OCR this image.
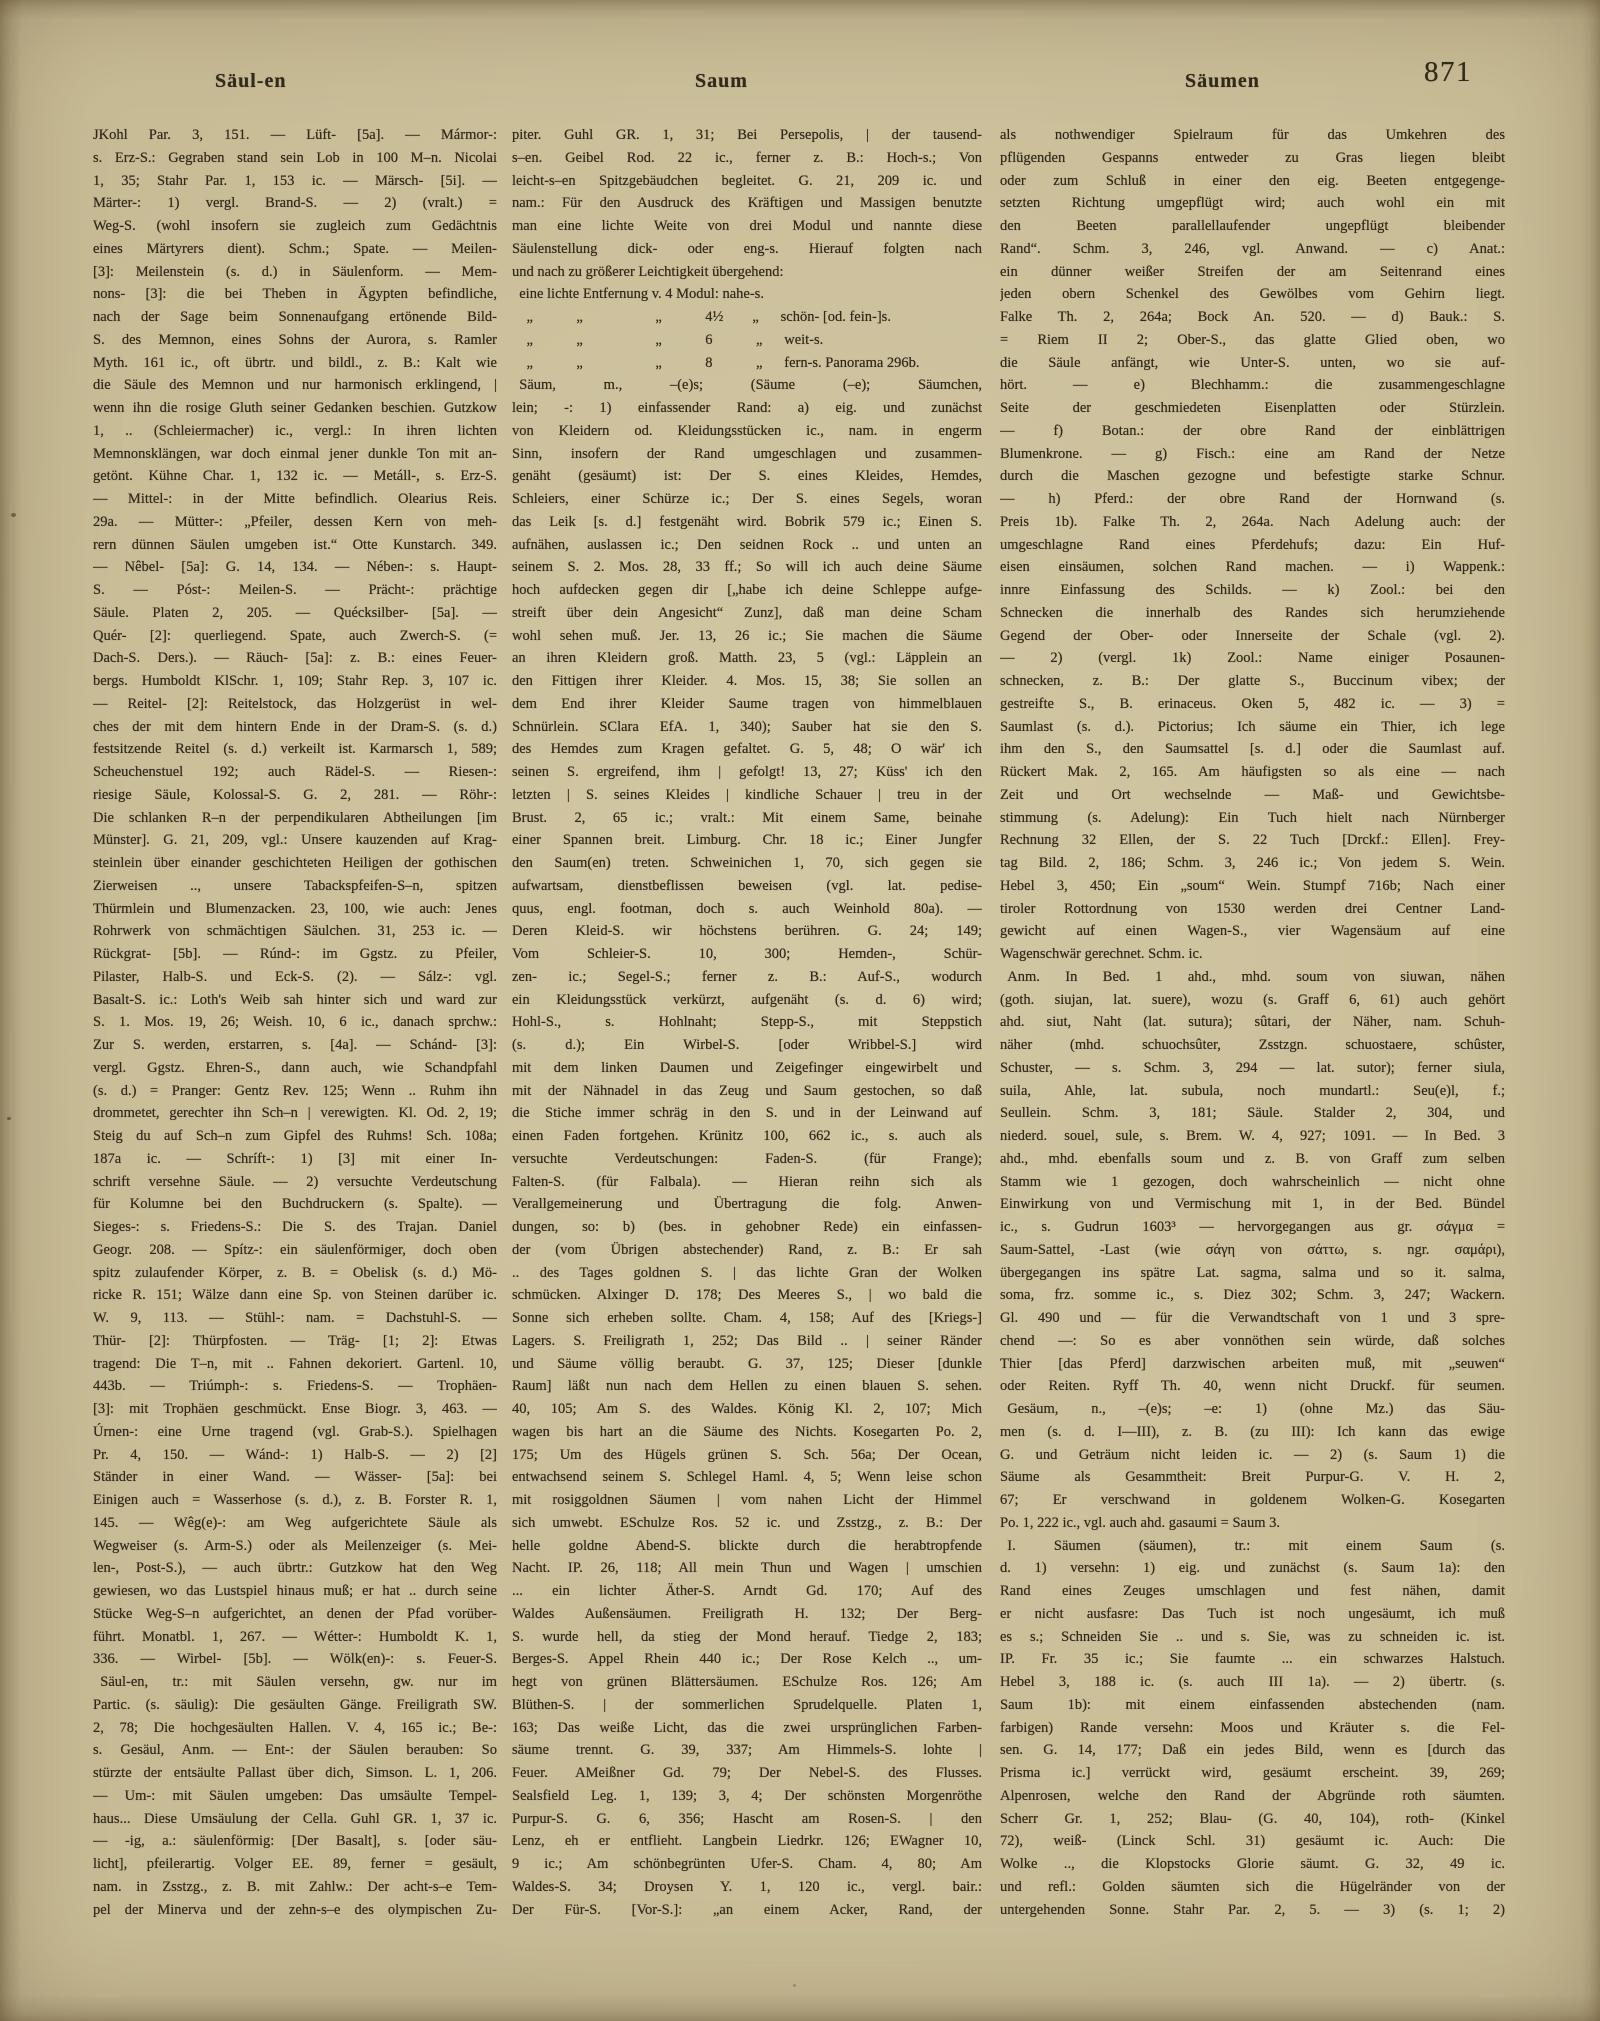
Säul-en	Saum	Säumen	871
JKohl Par. 3, 151. — Lüft- [5a]. — Mármor-:
s. Erz-S.: Gegraben stand sein Lob in 100 M–n. Nicolai
1, 35; Stahr Par. 1, 153 ic. — Märsch- [5i]. —
Märter-: 1) vergl. Brand-S. — 2) (vralt.) =
Weg-S. (wohl insofern sie zugleich zum Gedächtnis
eines Märtyrers dient). Schm.; Spate. — Meilen-
[3]: Meilenstein (s. d.) in Säulenform. — Mem-
nons- [3]: die bei Theben in Ägypten befindliche,
nach der Sage beim Sonnenaufgang ertönende Bild-
S. des Memnon, eines Sohns der Aurora, s. Ramler
Myth. 161 ic., oft übrtr. und bildl., z. B.: Kalt wie
die Säule des Memnon und nur harmonisch erklingend, |
wenn ihn die rosige Gluth seiner Gedanken beschien. Gutzkow
1, .. (Schleiermacher) ic., vergl.: In ihren lichten
Memnonsklängen, war doch einmal jener dunkle Ton mit an-
getönt. Kühne Char. 1, 132 ic. — Metáll-, s. Erz-S.
— Mittel-: in der Mitte befindlich. Olearius Reis.
29a. — Mütter-: „Pfeiler, dessen Kern von meh-
rern dünnen Säulen umgeben ist.“ Otte Kunstarch. 349.
— Nêbel- [5a]: G. 14, 134. — Nében-: s. Haupt-
S. — Póst-: Meilen-S. — Prächt-: prächtige
Säule. Platen 2, 205. — Quécksilber- [5a]. —
Quér- [2]: querliegend. Spate, auch Zwerch-S. (=
Dach-S. Ders.). — Räuch- [5a]: z. B.: eines Feuer-
bergs. Humboldt KlSchr. 1, 109; Stahr Rep. 3, 107 ic.
— Reitel- [2]: Reitelstock, das Holzgerüst in wel-
ches der mit dem hintern Ende in der Dram-S. (s. d.)
festsitzende Reitel (s. d.) verkeilt ist. Karmarsch 1, 589;
Scheuchenstuel 192; auch Rädel-S. — Riesen-:
riesige Säule, Kolossal-S. G. 2, 281. — Röhr-:
Die schlanken R–n der perpendikularen Abtheilungen [im
Münster]. G. 21, 209, vgl.: Unsere kauzenden auf Krag-
steinlein über einander geschichteten Heiligen der gothischen
Zierweisen .., unsere Tabackspfeifen-S–n, spitzen
Thürmlein und Blumenzacken. 23, 100, wie auch: Jenes
Rohrwerk von schmächtigen Säulchen. 31, 253 ic. —
Rückgrat- [5b]. — Rúnd-: im Ggstz. zu Pfeiler,
Pilaster, Halb-S. und Eck-S. (2). — Sálz-: vgl.
Basalt-S. ic.: Loth's Weib sah hinter sich und ward zur
S. 1. Mos. 19, 26; Weish. 10, 6 ic., danach sprchw.:
Zur S. werden, erstarren, s. [4a]. — Schánd- [3]:
vergl. Ggstz. Ehren-S., dann auch, wie Schandpfahl
(s. d.) = Pranger: Gentz Rev. 125; Wenn .. Ruhm ihn
drommetet, gerechter ihn Sch–n | verewigten. Kl. Od. 2, 19;
Steig du auf Sch–n zum Gipfel des Ruhms! Sch. 108a;
187a ic. — Schríft-: 1) [3] mit einer In-
schrift versehne Säule. — 2) versuchte Verdeutschung
für Kolumne bei den Buchdruckern (s. Spalte). —
Sieges-: s. Friedens-S.: Die S. des Trajan. Daniel
Geogr. 208. — Spítz-: ein säulenförmiger, doch oben
spitz zulaufender Körper, z. B. = Obelisk (s. d.) Mö-
ricke R. 151; Wälze dann eine Sp. von Steinen darüber ic.
W. 9, 113. — Stühl-: nam. = Dachstuhl-S. —
Thür- [2]: Thürpfosten. — Träg- [1; 2]: Etwas
tragend: Die T–n, mit .. Fahnen dekoriert. Gartenl. 10,
443b. — Triúmph-: s. Friedens-S. — Trophäen-
[3]: mit Trophäen geschmückt. Ense Biogr. 3, 463. —
Úrnen-: eine Urne tragend (vgl. Grab-S.). Spielhagen
Pr. 4, 150. — Wánd-: 1) Halb-S. — 2) [2]
Ständer in einer Wand. — Wässer- [5a]: bei
Einigen auch = Wasserhose (s. d.), z. B. Forster R. 1,
145. — Wêg(e)-: am Weg aufgerichtete Säule als
Wegweiser (s. Arm-S.) oder als Meilenzeiger (s. Mei-
len-, Post-S.), — auch übrtr.: Gutzkow hat den Weg
gewiesen, wo das Lustspiel hinaus muß; er hat .. durch seine
Stücke Weg-S–n aufgerichtet, an denen der Pfad vorüber-
führt. Monatbl. 1, 267. — Wétter-: Humboldt K. 1,
336. — Wirbel- [5b]. — Wölk(en)-: s. Feuer-S.
 Säul-en, tr.: mit Säulen versehn, gw. nur im
Partic. (s. säulig): Die gesäulten Gänge. Freiligrath SW.
2, 78; Die hochgesäulten Hallen. V. 4, 165 ic.; Be-:
s. Gesäul, Anm. — Ent-: der Säulen berauben: So
stürzte der entsäulte Pallast über dich, Simson. L. 1, 206.
— Um-: mit Säulen umgeben: Das umsäulte Tempel-
haus... Diese Umsäulung der Cella. Guhl GR. 1, 37 ic.
— -ig, a.: säulenförmig: [Der Basalt], s. [oder säu-
licht], pfeilerartig. Volger EE. 89, ferner = gesäult,
nam. in Zsstzg., z. B. mit Zahlw.: Der acht-s–e Tem-
pel der Minerva und der zehn-s–e des olympischen Zu-
piter. Guhl GR. 1, 31; Bei Persepolis, | der tausend-
s–en. Geibel Rod. 22 ic., ferner z. B.: Hoch-s.; Von
leicht-s–en Spitzgebäudchen begleitet. G. 21, 209 ic. und
nam.: Für den Ausdruck des Kräftigen und Massigen benutzte
man eine lichte Weite von drei Modul und nannte diese
Säulenstellung dick- oder eng-s. Hierauf folgten nach
und nach zu größerer Leichtigkeit übergehend:
 eine lichte Entfernung v. 4 Modul: nahe-s.
  „   „     „   4½  „  schön- [od. fein-]s.
  „   „     „   6   „  weit-s.
  „   „     „   8   „  fern-s. Panorama 296b.
 Säum, m., –(e)s; (Säume (–e); Säumchen,
lein; -: 1) einfassender Rand: a) eig. und zunächst
von Kleidern od. Kleidungsstücken ic., nam. in engerm
Sinn, insofern der Rand umgeschlagen und zusammen-
genäht (gesäumt) ist: Der S. eines Kleides, Hemdes,
Schleiers, einer Schürze ic.; Der S. eines Segels, woran
das Leik [s. d.] festgenäht wird. Bobrik 579 ic.; Einen S.
aufnähen, auslassen ic.; Den seidnen Rock .. und unten an
seinem S. 2. Mos. 28, 33 ff.; So will ich auch deine Säume
hoch aufdecken gegen dir [„habe ich deine Schleppe aufge-
streift über dein Angesicht“ Zunz], daß man deine Scham
wohl sehen muß. Jer. 13, 26 ic.; Sie machen die Säume
an ihren Kleidern groß. Matth. 23, 5 (vgl.: Läpplein an
den Fittigen ihrer Kleider. 4. Mos. 15, 38; Sie sollen an
dem End ihrer Kleider Saume tragen von himmelblauen
Schnürlein. SClara EfA. 1, 340); Sauber hat sie den S.
des Hemdes zum Kragen gefaltet. G. 5, 48; O wär' ich
seinen S. ergreifend, ihm | gefolgt! 13, 27; Küss' ich den
letzten | S. seines Kleides | kindliche Schauer | treu in der
Brust. 2, 65 ic.; vralt.: Mit einem Same, beinahe
einer Spannen breit. Limburg. Chr. 18 ic.; Einer Jungfer
den Saum(en) treten. Schweinichen 1, 70, sich gegen sie
aufwartsam, dienstbeflissen beweisen (vgl. lat. pedise-
quus, engl. footman, doch s. auch Weinhold 80a). —
Deren Kleid-S. wir höchstens berühren. G. 24; 149;
Vom Schleier-S. 10, 300; Hemden-, Schür-
zen- ic.; Segel-S.; ferner z. B.: Auf-S., wodurch
ein Kleidungsstück verkürzt, aufgenäht (s. d. 6) wird;
Hohl-S., s. Hohlnaht; Stepp-S., mit Steppstich
(s. d.); Ein Wirbel-S. [oder Wribbel-S.] wird
mit dem linken Daumen und Zeigefinger eingewirbelt und
mit der Nähnadel in das Zeug und Saum gestochen, so daß
die Stiche immer schräg in den S. und in der Leinwand auf
einen Faden fortgehen. Krünitz 100, 662 ic., s. auch als
versuchte Verdeutschungen: Faden-S. (für Frange);
Falten-S. (für Falbala). — Hieran reihn sich als
Verallgemeinerung und Übertragung die folg. Anwen-
dungen, so: b) (bes. in gehobner Rede) ein einfassen-
der (vom Übrigen abstechender) Rand, z. B.: Er sah
.. des Tages goldnen S. | das lichte Gran der Wolken
schmücken. Alxinger D. 178; Des Meeres S., | wo bald die
Sonne sich erheben sollte. Cham. 4, 158; Auf des [Kriegs-]
Lagers. S. Freiligrath 1, 252; Das Bild .. | seiner Ränder
und Säume völlig beraubt. G. 37, 125; Dieser [dunkle
Raum] läßt nun nach dem Hellen zu einen blauen S. sehen.
40, 105; Am S. des Waldes. König Kl. 2, 107; Mich
wagen bis hart an die Säume des Nichts. Kosegarten Po. 2,
175; Um des Hügels grünen S. Sch. 56a; Der Ocean,
entwachsend seinem S. Schlegel Haml. 4, 5; Wenn leise schon
mit rosiggoldnen Säumen | vom nahen Licht der Himmel
sich umwebt. ESchulze Ros. 52 ic. und Zsstzg., z. B.: Der
helle goldne Abend-S. blickte durch die herabtropfende
Nacht. IP. 26, 118; All mein Thun und Wagen | umschien
... ein lichter Äther-S. Arndt Gd. 170; Auf des
Waldes Außensäumen. Freiligrath H. 132; Der Berg-
S. wurde hell, da stieg der Mond herauf. Tiedge 2, 183;
Berges-S. Appel Rhein 440 ic.; Der Rose Kelch .., um-
hegt von grünen Blättersäumen. ESchulze Ros. 126; Am
Blüthen-S. | der sommerlichen Sprudelquelle. Platen 1,
163; Das weiße Licht, das die zwei ursprünglichen Farben-
säume trennt. G. 39, 337; Am Himmels-S. lohte |
Feuer. AMeißner Gd. 79; Der Nebel-S. des Flusses.
Sealsfield Leg. 1, 139; 3, 4; Der schönsten Morgenröthe
Purpur-S. G. 6, 356; Hascht am Rosen-S. | den
Lenz, eh er entflieht. Langbein Liedrkr. 126; EWagner 10,
9 ic.; Am schönbegrünten Ufer-S. Cham. 4, 80; Am
Waldes-S. 34; Droysen Y. 1, 120 ic., vergl. bair.:
Der Für-S. [Vor-S.]: „an einem Acker, Rand, der
als nothwendiger Spielraum für das Umkehren des
pflügenden Gespanns entweder zu Gras liegen bleibt
oder zum Schluß in einer den eig. Beeten entgegenge-
setzten Richtung umgepflügt wird; auch wohl ein mit
den Beeten parallellaufender ungepflügt bleibender
Rand“. Schm. 3, 246, vgl. Anwand. — c) Anat.:
ein dünner weißer Streifen der am Seitenrand eines
jeden obern Schenkel des Gewölbes vom Gehirn liegt.
Falke Th. 2, 264a; Bock An. 520. — d) Bauk.: S.
= Riem II 2; Ober-S., das glatte Glied oben, wo
die Säule anfängt, wie Unter-S. unten, wo sie auf-
hört. — e) Blechhamm.: die zusammengeschlagne
Seite der geschmiedeten Eisenplatten oder Stürzlein.
— f) Botan.: der obre Rand der einblättrigen
Blumenkrone. — g) Fisch.: eine am Rand der Netze
durch die Maschen gezogne und befestigte starke Schnur.
— h) Pferd.: der obre Rand der Hornwand (s.
Preis 1b). Falke Th. 2, 264a. Nach Adelung auch: der
umgeschlagne Rand eines Pferdehufs; dazu: Ein Huf-
eisen einsäumen, solchen Rand machen. — i) Wappenk.:
innre Einfassung des Schilds. — k) Zool.: bei den
Schnecken die innerhalb des Randes sich herumziehende
Gegend der Ober- oder Innerseite der Schale (vgl. 2).
— 2) (vergl. 1k) Zool.: Name einiger Posaunen-
schnecken, z. B.: Der glatte S., Buccinum vibex; der
gestreifte S., B. erinaceus. Oken 5, 482 ic. — 3) =
Saumlast (s. d.). Pictorius; Ich säume ein Thier, ich lege
ihm den S., den Saumsattel [s. d.] oder die Saumlast auf.
Rückert Mak. 2, 165. Am häufigsten so als eine — nach
Zeit und Ort wechselnde — Maß- und Gewichtsbe-
stimmung (s. Adelung): Ein Tuch hielt nach Nürnberger
Rechnung 32 Ellen, der S. 22 Tuch [Drckf.: Ellen]. Frey-
tag Bild. 2, 186; Schm. 3, 246 ic.; Von jedem S. Wein.
Hebel 3, 450; Ein „soum“ Wein. Stumpf 716b; Nach einer
tiroler Rottordnung von 1530 werden drei Centner Land-
gewicht auf einen Wagen-S., vier Wagensäum auf eine
Wagenschwär gerechnet. Schm. ic.
 Anm. In Bed. 1 ahd., mhd. soum von siuwan, nähen
(goth. siujan, lat. suere), wozu (s. Graff 6, 61) auch gehört
ahd. siut, Naht (lat. sutura); sûtari, der Näher, nam. Schuh-
näher (mhd. schuochsûter, Zsstzgn. schuostaere, schûster,
Schuster, — s. Schm. 3, 294 — lat. sutor); ferner siula,
suila, Ahle, lat. subula, noch mundartl.: Seu(e)l, f.;
Seullein. Schm. 3, 181; Säule. Stalder 2, 304, und
niederd. souel, sule, s. Brem. W. 4, 927; 1091. — In Bed. 3
ahd., mhd. ebenfalls soum und z. B. von Graff zum selben
Stamm wie 1 gezogen, doch wahrscheinlich — nicht ohne
Einwirkung von und Vermischung mit 1, in der Bed. Bündel
ic., s. Gudrun 1603³ — hervorgegangen aus gr. σάγμα =
Saum-Sattel, -Last (wie σάγη von σάττω, s. ngr. σαμάρι),
übergegangen ins spätre Lat. sagma, salma und so it. salma,
soma, frz. somme ic., s. Diez 302; Schm. 3, 247; Wackern.
Gl. 490 und — für die Verwandtschaft von 1 und 3 spre-
chend —: So es aber vonnöthen sein würde, daß solches
Thier [das Pferd] darzwischen arbeiten muß, mit „seuwen“
oder Reiten. Ryff Th. 40, wenn nicht Druckf. für seumen.
 Gesäum, n., –(e)s; –e: 1) (ohne Mz.) das Säu-
men (s. d. I—III), z. B. (zu III): Ich kann das ewige
G. und Geträum nicht leiden ic. — 2) (s. Saum 1) die
Säume als Gesammtheit: Breit Purpur-G. V. H. 2,
67; Er verschwand in goldenem Wolken-G. Kosegarten
Po. 1, 222 ic., vgl. auch ahd. gasaumi = Saum 3.
 I. Säumen (säumen), tr.: mit einem Saum (s.
d. 1) versehn: 1) eig. und zunächst (s. Saum 1a): den
Rand eines Zeuges umschlagen und fest nähen, damit
er nicht ausfasre: Das Tuch ist noch ungesäumt, ich muß
es s.; Schneiden Sie .. und s. Sie, was zu schneiden ic. ist.
IP. Fr. 35 ic.; Sie faumte ... ein schwarzes Halstuch.
Hebel 3, 188 ic. (s. auch III 1a). — 2) übertr. (s.
Saum 1b): mit einem einfassenden abstechenden (nam.
farbigen) Rande versehn: Moos und Kräuter s. die Fel-
sen. G. 14, 177; Daß ein jedes Bild, wenn es [durch das
Prisma ic.] verrückt wird, gesäumt erscheint. 39, 269;
Alpenrosen, welche den Rand der Abgründe roth säumten.
Scherr Gr. 1, 252; Blau- (G. 40, 104), roth- (Kinkel
72), weiß- (Linck Schl. 31) gesäumt ic. Auch: Die
Wolke .., die Klopstocks Glorie säumt. G. 32, 49 ic.
und refl.: Golden säumten sich die Hügelränder von der
untergehenden Sonne. Stahr Par. 2, 5. — 3) (s. 1; 2)
